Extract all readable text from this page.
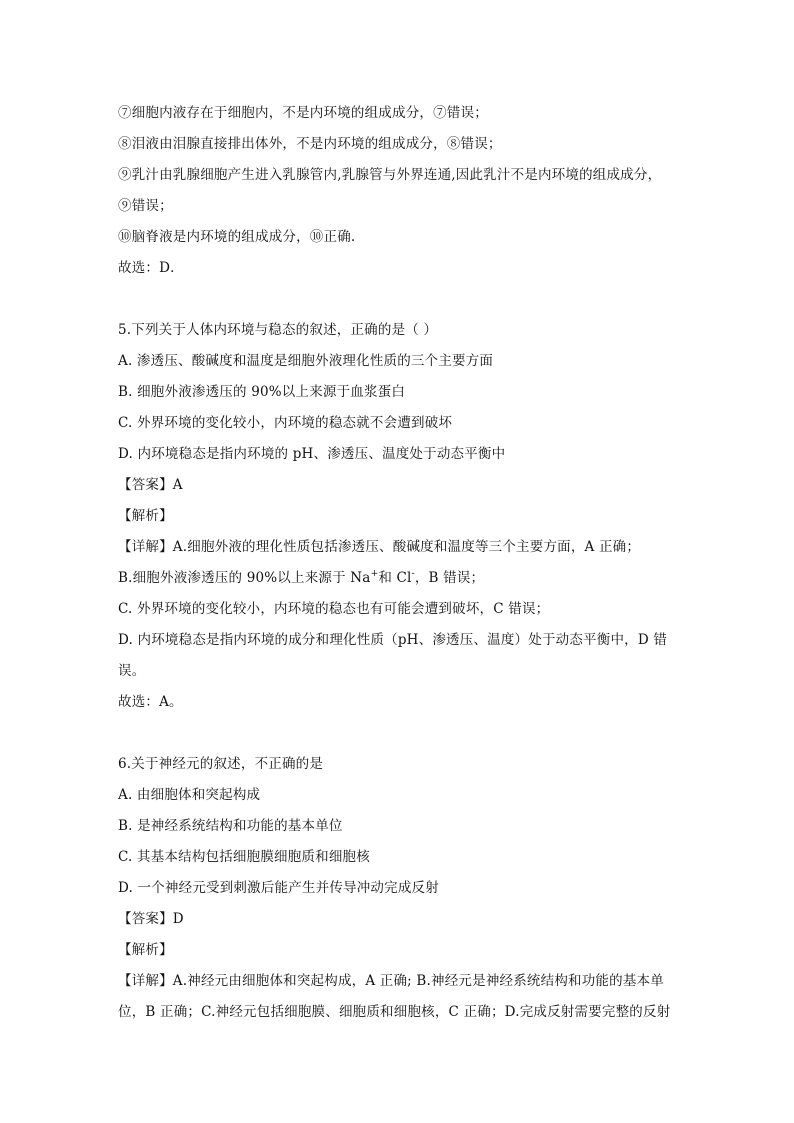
⑦细胞内液存在于细胞内，不是内环境的组成成分，⑦错误；
⑧泪液由泪腺直接排出体外，不是内环境的组成成分，⑧错误；
⑨乳汁由乳腺细胞产生进入乳腺管内,乳腺管与外界连通,因此乳汁不是内环境的组成成分，
⑨错误；
⑩脑脊液是内环境的组成成分，⑩正确.
故选：D．
5.下列关于人体内环境与稳态的叙述，正确的是（ ）
A. 渗透压、酸碱度和温度是细胞外液理化性质的三个主要方面
B. 细胞外液渗透压的 90%以上来源于血浆蛋白
C. 外界环境的变化较小，内环境的稳态就不会遭到破坏
D. 内环境稳态是指内环境的 pH、渗透压、温度处于动态平衡中
【答案】A
【解析】
【详解】A.细胞外液的理化性质包括渗透压、酸碱度和温度等三个主要方面，A 正确；
B.细胞外液渗透压的 90%以上来源于 Na+和 Cl-，B 错误；
C. 外界环境的变化较小，内环境的稳态也有可能会遭到破坏，C 错误；
D. 内环境稳态是指内环境的成分和理化性质（pH、渗透压、温度）处于动态平衡中，D 错
误。
故选：A。
6.关于神经元的叙述，不正确的是
A. 由细胞体和突起构成
B. 是神经系统结构和功能的基本单位
C. 其基本结构包括细胞膜细胞质和细胞核
D. 一个神经元受到刺激后能产生并传导冲动完成反射
【答案】D
【解析】
【详解】A.神经元由细胞体和突起构成，A 正确; B.神经元是神经系统结构和功能的基本单
位，B 正确；C.神经元包括细胞膜、细胞质和细胞核，C 正确；D.完成反射需要完整的反射
